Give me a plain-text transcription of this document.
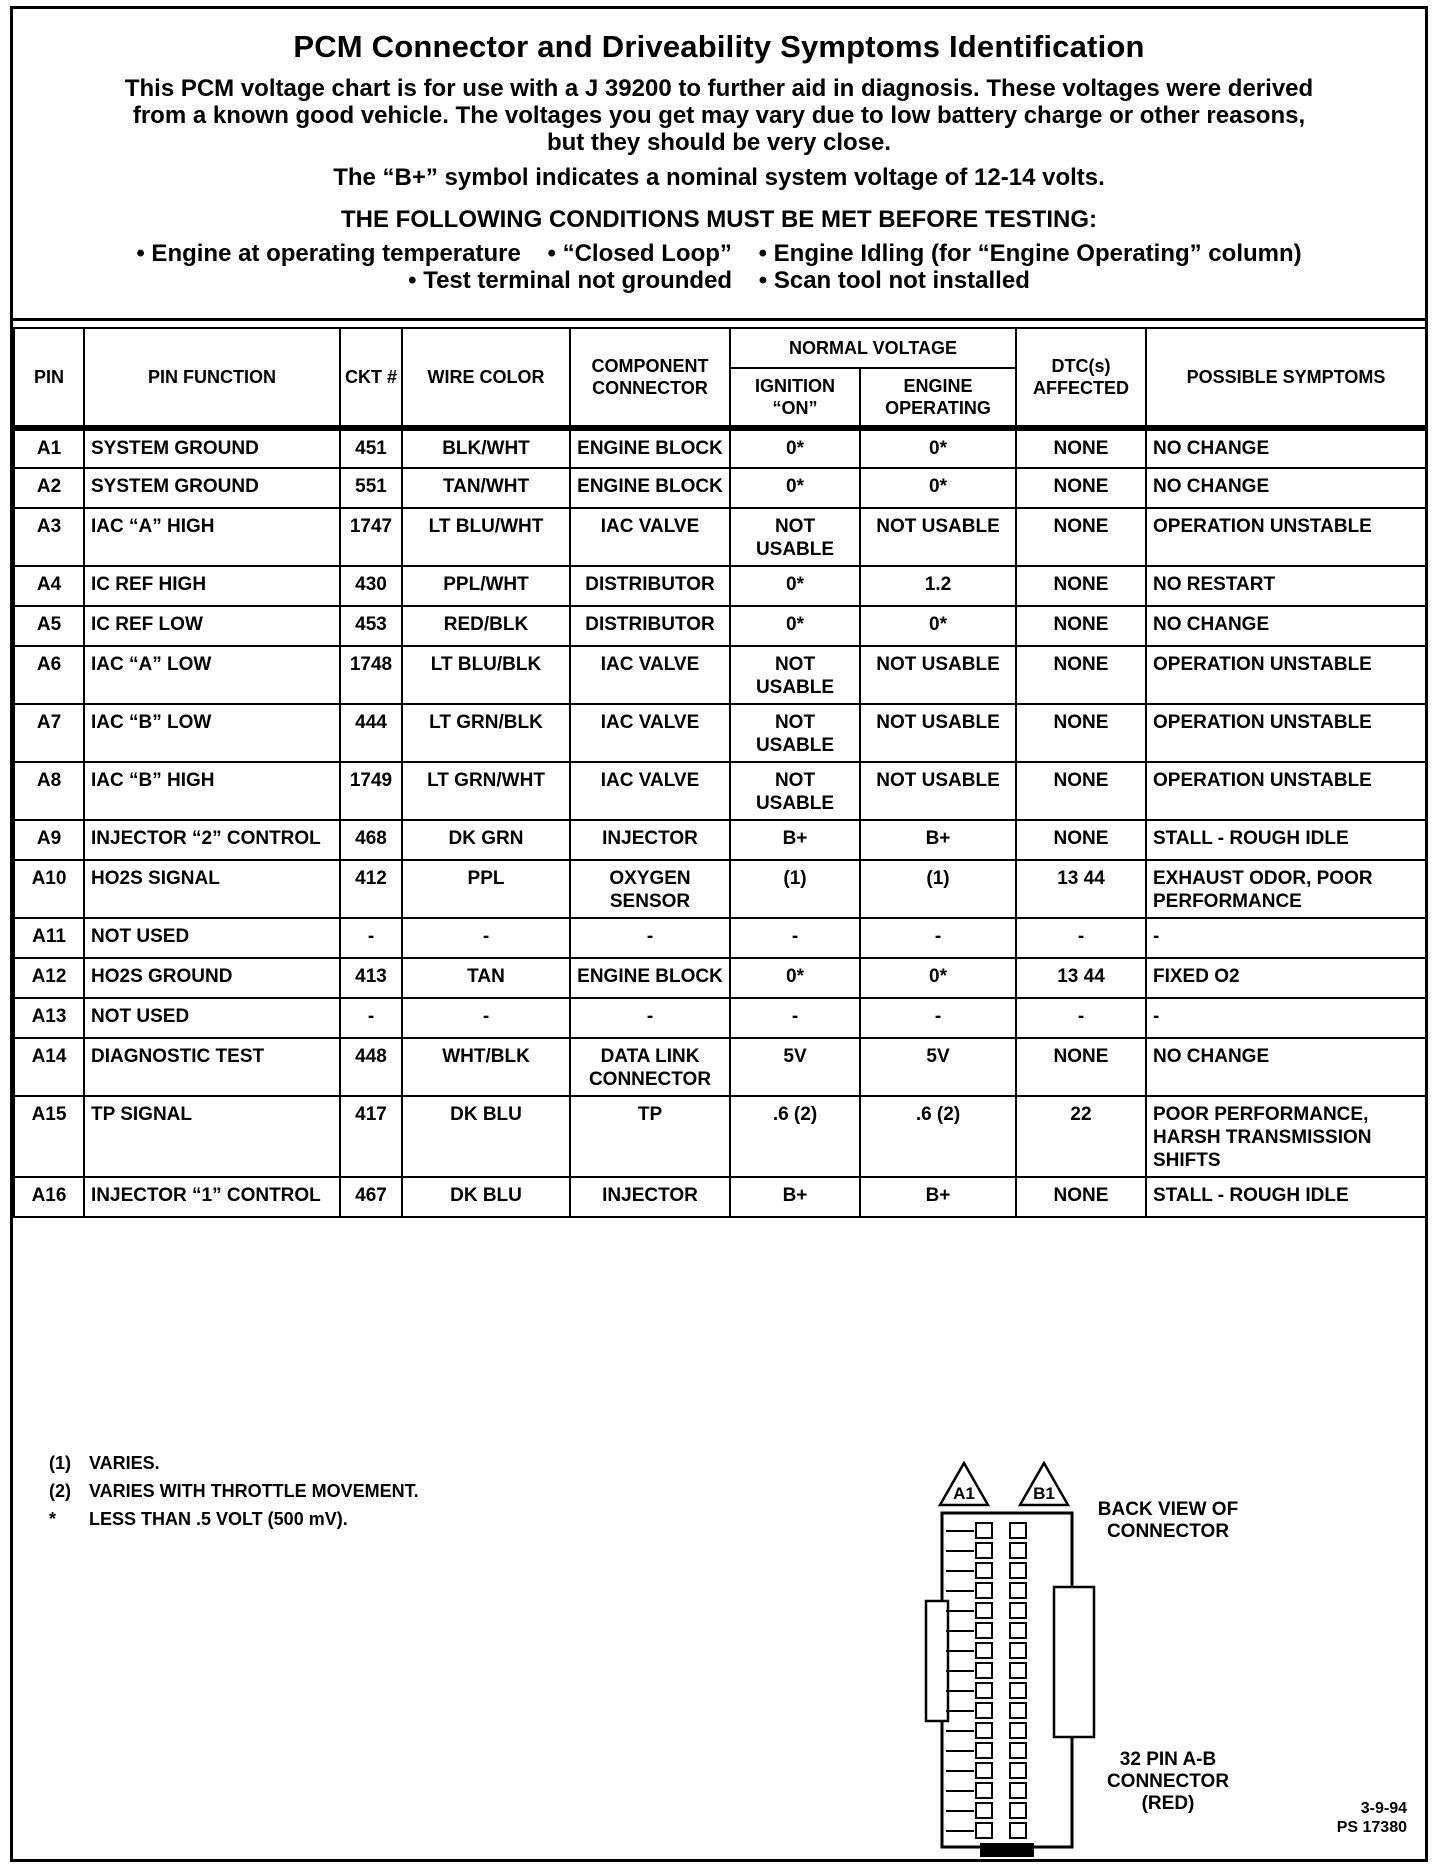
PCM Connector and Driveability Symptoms Identification
This PCM voltage chart is for use with a J 39200 to further aid in diagnosis. These voltages were derived
from a known good vehicle. The voltages you get may vary due to low battery charge or other reasons,
but they should be very close.
The “B+” symbol indicates a nominal system voltage of 12-14 volts.
THE FOLLOWING CONDITIONS MUST BE MET BEFORE TESTING:
• Engine at operating temperature • “Closed Loop” • Engine Idling (for “Engine Operating” column)
• Test terminal not grounded • Scan tool not installed
PIN	PIN FUNCTION	CKT #	WIRE COLOR	COMPONENT CONNECTOR	NORMAL VOLTAGE		DTC(s) AFFECTED	POSSIBLE SYMPTOMS
					IGNITION “ON”	ENGINE OPERATING		
A1	SYSTEM GROUND	451	BLK/WHT	ENGINE BLOCK	0*	0*	NONE	NO CHANGE
A2	SYSTEM GROUND	551	TAN/WHT	ENGINE BLOCK	0*	0*	NONE	NO CHANGE
A3	IAC “A” HIGH	1747	LT BLU/WHT	IAC VALVE	NOT USABLE	NOT USABLE	NONE	OPERATION UNSTABLE
A4	IC REF HIGH	430	PPL/WHT	DISTRIBUTOR	0*	1.2	NONE	NO RESTART
A5	IC REF LOW	453	RED/BLK	DISTRIBUTOR	0*	0*	NONE	NO CHANGE
A6	IAC “A” LOW	1748	LT BLU/BLK	IAC VALVE	NOT USABLE	NOT USABLE	NONE	OPERATION UNSTABLE
A7	IAC “B” LOW	444	LT GRN/BLK	IAC VALVE	NOT USABLE	NOT USABLE	NONE	OPERATION UNSTABLE
A8	IAC “B” HIGH	1749	LT GRN/WHT	IAC VALVE	NOT USABLE	NOT USABLE	NONE	OPERATION UNSTABLE
A9	INJECTOR “2” CONTROL	468	DK GRN	INJECTOR	B+	B+	NONE	STALL - ROUGH IDLE
A10	HO2S SIGNAL	412	PPL	OXYGEN SENSOR	(1)	(1)	13 44	EXHAUST ODOR, POOR PERFORMANCE
A11	NOT USED	-	-	-	-	-	-	-
A12	HO2S GROUND	413	TAN	ENGINE BLOCK	0*	0*	13 44	FIXED O2
A13	NOT USED	-	-	-	-	-	-	-
A14	DIAGNOSTIC TEST	448	WHT/BLK	DATA LINK CONNECTOR	5V	5V	NONE	NO CHANGE
A15	TP SIGNAL	417	DK BLU	TP	.6 (2)	.6 (2)	22	POOR PERFORMANCE, HARSH TRANSMISSION SHIFTS
A16	INJECTOR “1” CONTROL	467	DK BLU	INJECTOR	B+	B+	NONE	STALL - ROUGH IDLE
(1) VARIES.
(2) VARIES WITH THROTTLE MOVEMENT.
* LESS THAN .5 VOLT (500 mV).
A1	B1
BACK VIEW OF CONNECTOR
32 PIN A-B CONNECTOR (RED)	3-9-94
PS 17380
